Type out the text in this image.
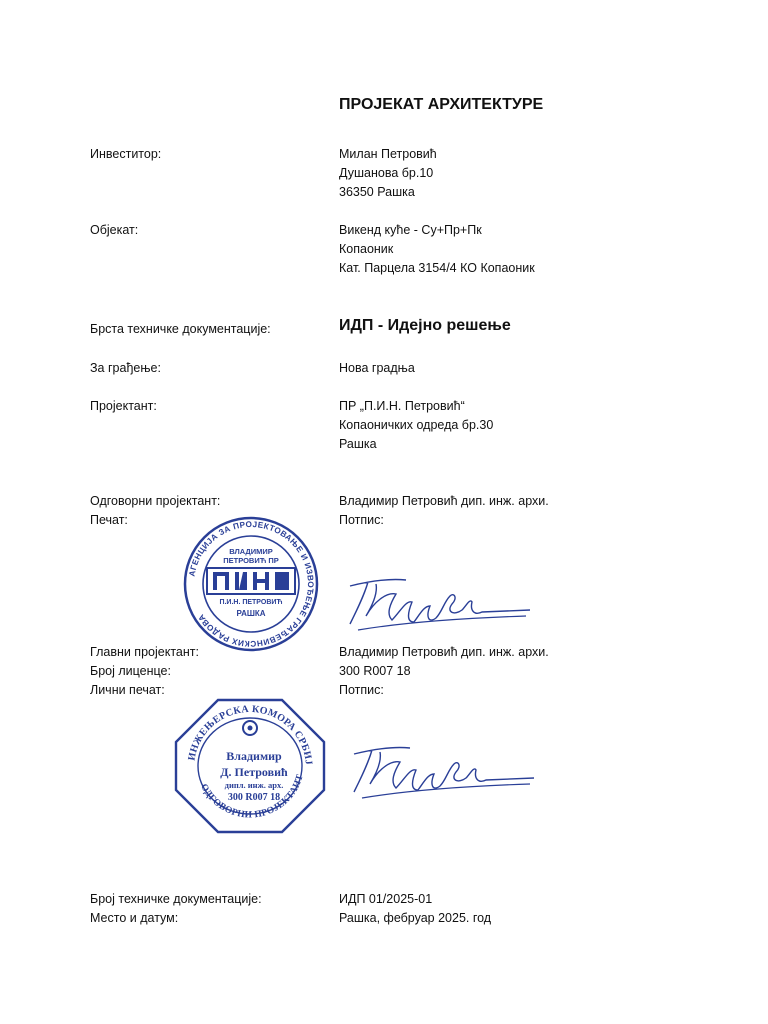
ПРОЈЕКАТ АРХИТЕКТУРЕ
Инвеститор:	Милан Петровић
Душанова бр.10
36350 Рашка
Објекат:	Викенд куће - Су+Пр+Пк
Копаоник
Кат. Парцела 3154/4 КО Копаоник
Брста техничке документације:	ИДП - Идејно решење
За грађење:	Нова градња
Пројектант:	ПР „П.И.Н. Петровић“
Копаоничких одреда бр.30
Рашка
Одговорни пројектант:	Владимир Петровић дип. инж. архи.
Печат:	Потпис:
АГЕНЦИЈА ЗА ПРОЈЕКТОВАЊЕ И ИЗВОЂЕЊЕ ГРАЂЕВИНСКИХ РАДОВА
ВЛАДИМИР
ПЕТРОВИЋ ПР
П.И.Н. ПЕТРОВИЋ
РАШКА
Главни пројектант:	Владимир Петровић дип. инж. архи.
Број лиценце:	300 R007 18
Лични печат:	Потпис:
ИНЖЕЊЕРСКА КОМОРА СРБИЈЕ
ОДГОВОРНИ ПРОЈЕКТАНТ
Владимир
Д. Петровић
дипл. инж. арх.
300 R007 18
Број техничке документације:	ИДП 01/2025-01
Место и датум:	Рашка, фебруар 2025. год
